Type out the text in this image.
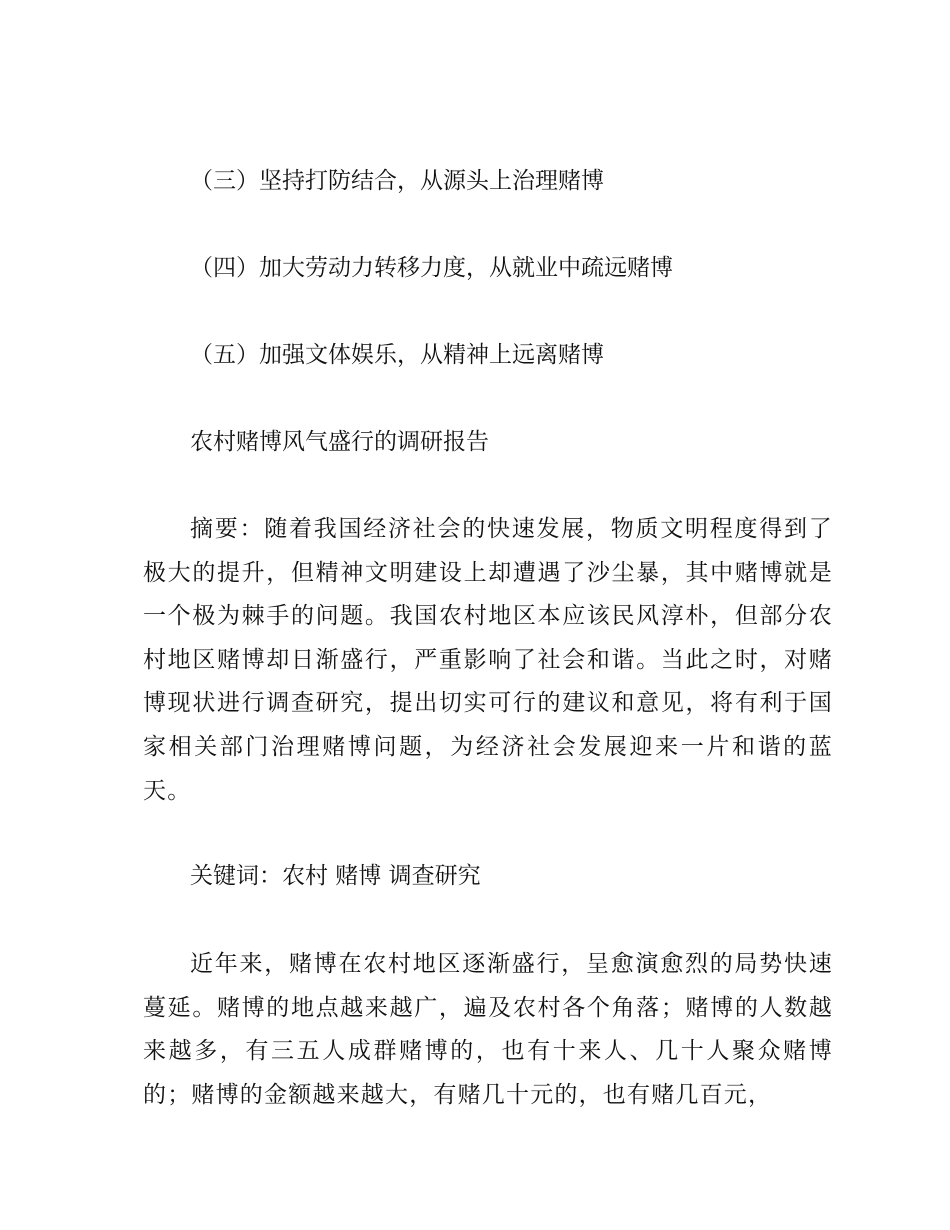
（三）坚持打防结合，从源头上治理赌博

（四）加大劳动力转移力度，从就业中疏远赌博

（五）加强文体娱乐，从精神上远离赌博

农村赌博风气盛行的调研报告

摘要：随着我国经济社会的快速发展，物质文明程度得到了极大的提升，但精神文明建设上却遭遇了沙尘暴，其中赌博就是一个极为棘手的问题。我国农村地区本应该民风淳朴，但部分农村地区赌博却日渐盛行，严重影响了社会和谐。当此之时，对赌博现状进行调查研究，提出切实可行的建议和意见，将有利于国家相关部门治理赌博问题，为经济社会发展迎来一片和谐的蓝天。

关键词：农村 赌博 调查研究

近年来，赌博在农村地区逐渐盛行，呈愈演愈烈的局势快速蔓延。赌博的地点越来越广，遍及农村各个角落；赌博的人数越来越多，有三五人成群赌博的，也有十来人、几十人聚众赌博的；赌博的金额越来越大，有赌几十元的，也有赌几百元，
